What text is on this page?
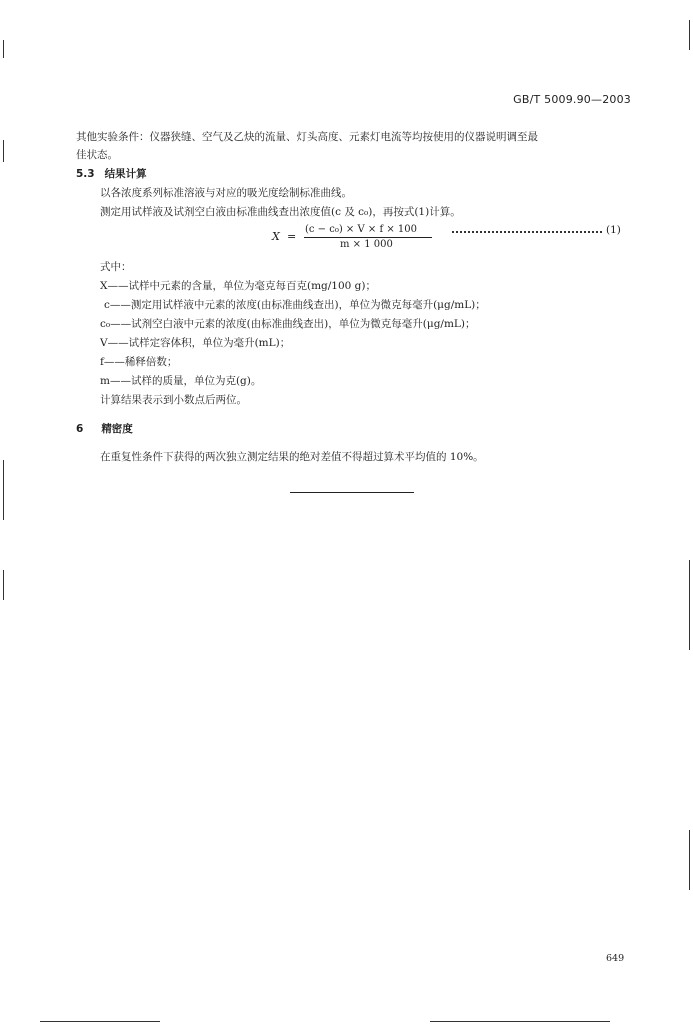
GB/T 5009.90—2003
其他实验条件：仪器狭缝、空气及乙炔的流量、灯头高度、元素灯电流等均按使用的仪器说明调至最
佳状态。
5.3 结果计算
以各浓度系列标准溶液与对应的吸光度绘制标准曲线。
测定用试样液及试剂空白液由标准曲线查出浓度值(c 及 c₀)，再按式(1)计算。
X =
(c − c₀) × V × f × 100
m × 1 000
(1)
式中：
X——试样中元素的含量，单位为毫克每百克(mg/100 g)；
c——测定用试样液中元素的浓度(由标准曲线查出)，单位为微克每毫升(μg/mL)；
c₀——试剂空白液中元素的浓度(由标准曲线查出)，单位为微克每毫升(μg/mL)；
V——试样定容体积，单位为毫升(mL)；
f——稀释倍数；
m——试样的质量，单位为克(g)。
计算结果表示到小数点后两位。
6 精密度
在重复性条件下获得的两次独立测定结果的绝对差值不得超过算术平均值的 10%。
649
